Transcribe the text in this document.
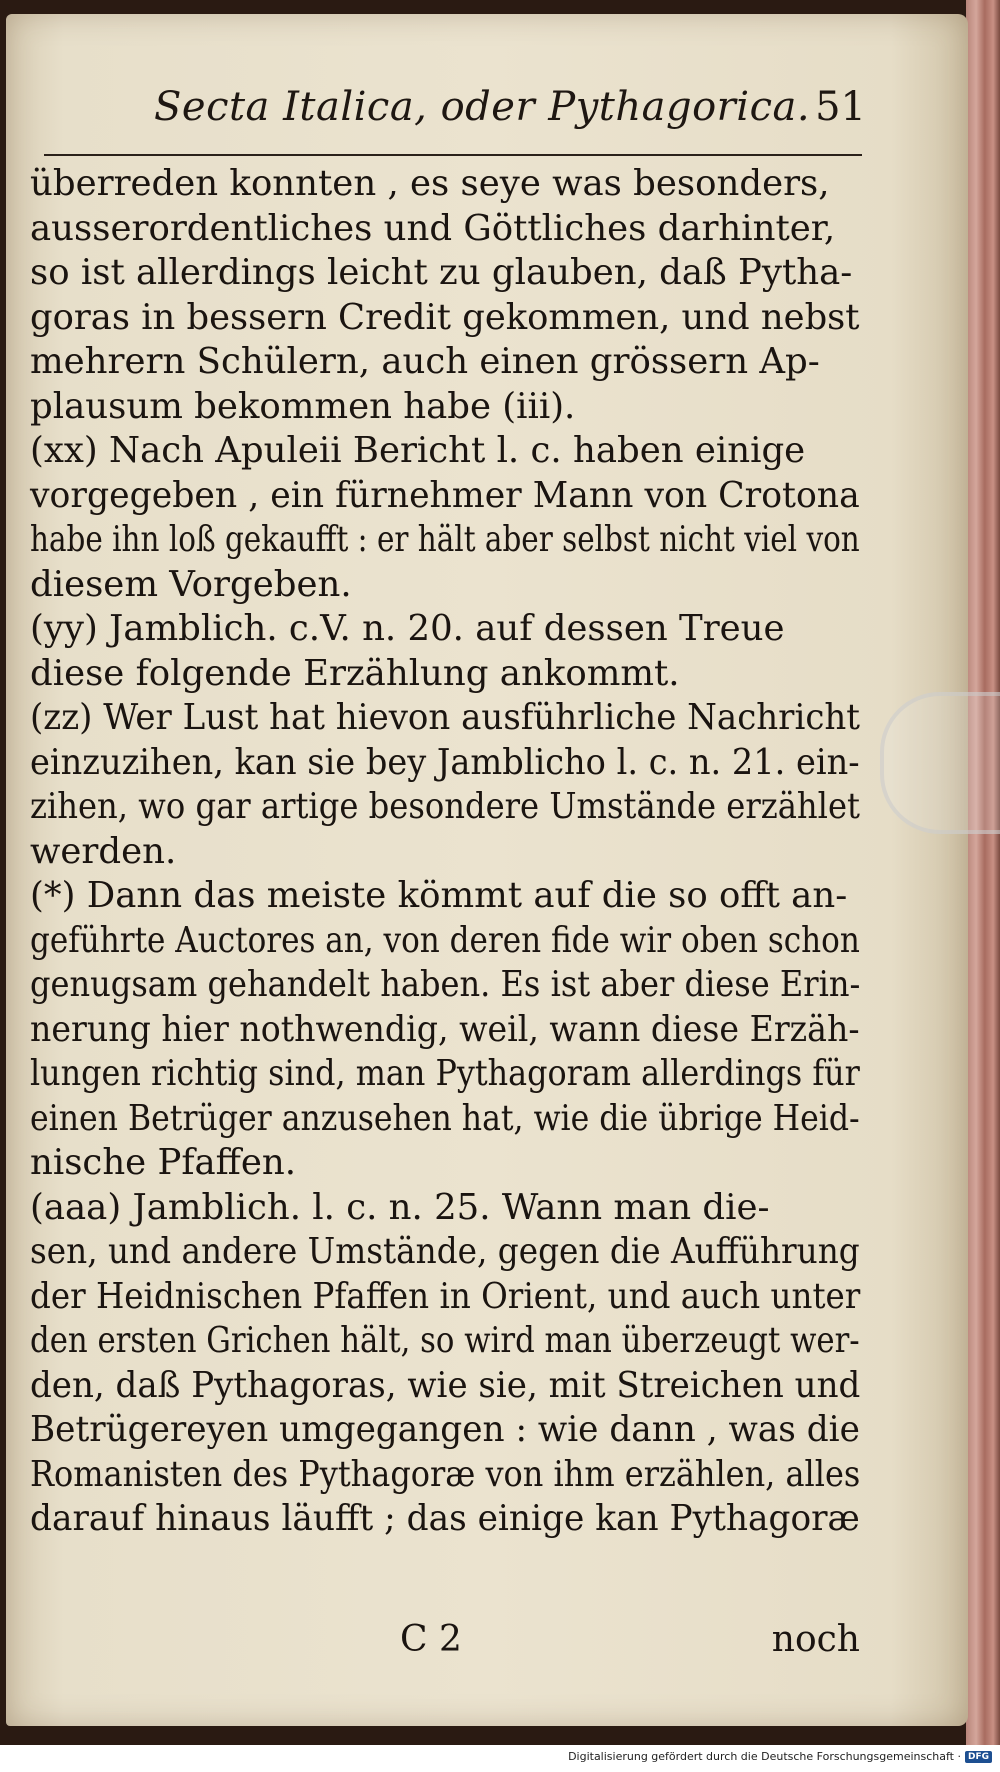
Secta Italica, oder Pythagorica. 51
überreden konnten , es seye was besonders,
ausserordentliches und Göttliches darhinter,
so ist allerdings leicht zu glauben, daß Pytha-
goras in bessern Credit gekommen, und nebst
mehrern Schülern, auch einen grössern Ap-
plausum bekommen habe (iii).
(xx) Nach Apuleii Bericht l. c. haben einige
vorgegeben , ein fürnehmer Mann von Crotona
habe ihn loß gekaufft : er hält aber selbst nicht viel von
diesem Vorgeben.
(yy) Jamblich. c.V. n. 20. auf dessen Treue
diese folgende Erzählung ankommt.
(zz) Wer Lust hat hievon ausführliche Nachricht
einzuzihen, kan sie bey Jamblicho l. c. n. 21. ein-
zihen, wo gar artige besondere Umstände erzählet
werden.
(*) Dann das meiste kömmt auf die so offt an-
geführte Auctores an, von deren fide wir oben schon
genugsam gehandelt haben. Es ist aber diese Erin-
nerung hier nothwendig, weil, wann diese Erzäh-
lungen richtig sind, man Pythagoram allerdings für
einen Betrüger anzusehen hat, wie die übrige Heid-
nische Pfaffen.
(aaa) Jamblich. l. c. n. 25. Wann man die-
sen, und andere Umstände, gegen die Aufführung
der Heidnischen Pfaffen in Orient, und auch unter
den ersten Grichen hält, so wird man überzeugt wer-
den, daß Pythagoras, wie sie, mit Streichen und
Betrügereyen umgegangen : wie dann , was die
Romanisten des Pythagoræ von ihm erzählen, alles
darauf hinaus läufft ; das einige kan Pythagoræ
C 2	noch
Digitalisierung gefördert durch die Deutsche Forschungsgemeinschaft · DFG
